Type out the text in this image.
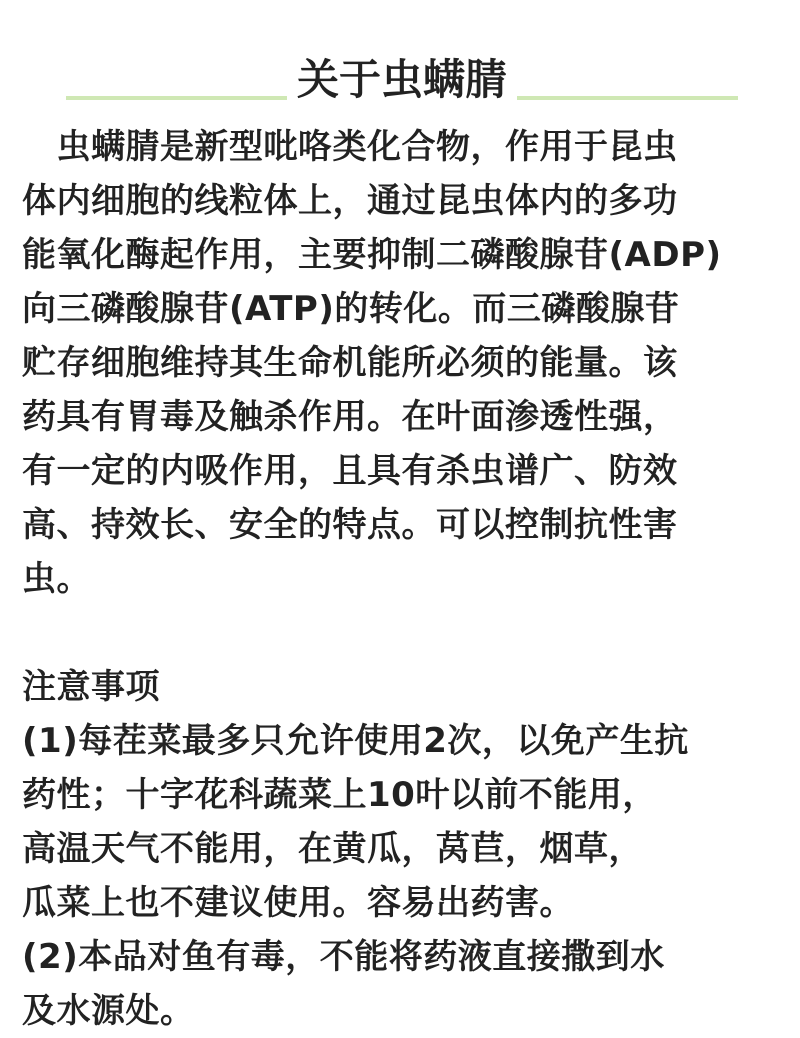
关于虫螨腈
　虫螨腈是新型吡咯类化合物，作用于昆虫
体内细胞的线粒体上，通过昆虫体内的多功
能氧化酶起作用，主要抑制二磷酸腺苷(ADP)
向三磷酸腺苷(ATP)的转化。而三磷酸腺苷
贮存细胞维持其生命机能所必须的能量。该
药具有胃毒及触杀作用。在叶面渗透性强，
有一定的内吸作用，且具有杀虫谱广、防效
高、持效长、安全的特点。可以控制抗性害
虫。
注意事项
(1)每茬菜最多只允许使用2次，以免产生抗
药性；十字花科蔬菜上10叶以前不能用，
高温天气不能用，在黄瓜，莴苣，烟草，
瓜菜上也不建议使用。容易出药害。
(2)本品对鱼有毒，不能将药液直接撒到水
及水源处。
